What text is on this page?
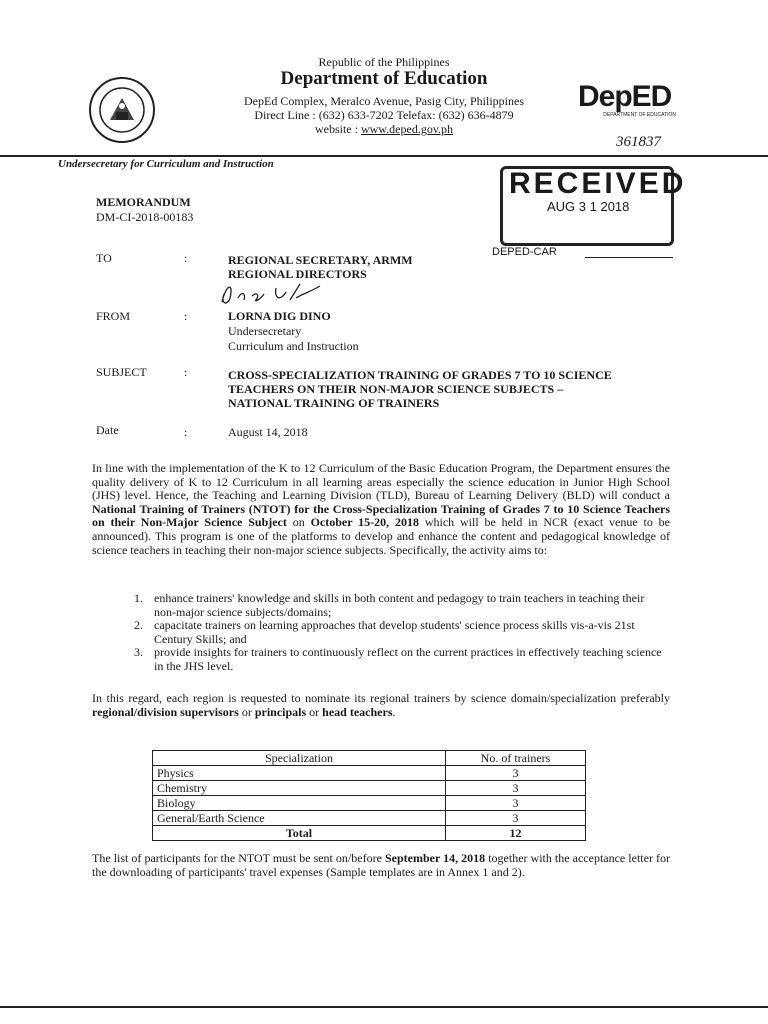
Republic of the Philippines
Department of Education
DepEd Complex, Meralco Avenue, Pasig City, Philippines
Direct Line : (632) 633-7202 Telefax: (632) 636-4879
website : www.deped.gov.ph
DepED
DEPARTMENT OF EDUCATION
361837
Undersecretary for Curriculum and Instruction
MEMORANDUM
DM-CI-2018-00183
RECEIVED
AUG 3 1 2018
DEPED-CAR
TO	:	REGIONAL SECRETARY, ARMM
REGIONAL DIRECTORS
FROM	:	LORNA DIG DINO
Undersecretary
Curriculum and Instruction
SUBJECT	:	CROSS-SPECIALIZATION TRAINING OF GRADES 7 TO 10 SCIENCE
TEACHERS ON THEIR NON-MAJOR SCIENCE SUBJECTS –
NATIONAL TRAINING OF TRAINERS
Date	:	August 14, 2018
In line with the implementation of the K to 12 Curriculum of the Basic Education Program, the Department ensures the quality delivery of K to 12 Curriculum in all learning areas especially the science education in Junior High School (JHS) level. Hence, the Teaching and Learning Division (TLD), Bureau of Learning Delivery (BLD) will conduct a National Training of Trainers (NTOT) for the Cross-Specialization Training of Grades 7 to 10 Science Teachers on their Non-Major Science Subject on October 15-20, 2018 which will be held in NCR (exact venue to be announced). This program is one of the platforms to develop and enhance the content and pedagogical knowledge of science teachers in teaching their non-major science subjects. Specifically, the activity aims to:
1. enhance trainers' knowledge and skills in both content and pedagogy to train teachers in teaching their non-major science subjects/domains;
2. capacitate trainers on learning approaches that develop students' science process skills vis-a-vis 21st Century Skills; and
3. provide insights for trainers to continuously reflect on the current practices in effectively teaching science in the JHS level.
In this regard, each region is requested to nominate its regional trainers by science domain/specialization preferably regional/division supervisors or principals or head teachers.
Specialization	No. of trainers
Physics	3
Chemistry	3
Biology	3
General/Earth Science	3
Total	12
The list of participants for the NTOT must be sent on/before September 14, 2018 together with the acceptance letter for the downloading of participants' travel expenses (Sample templates are in Annex 1 and 2).
